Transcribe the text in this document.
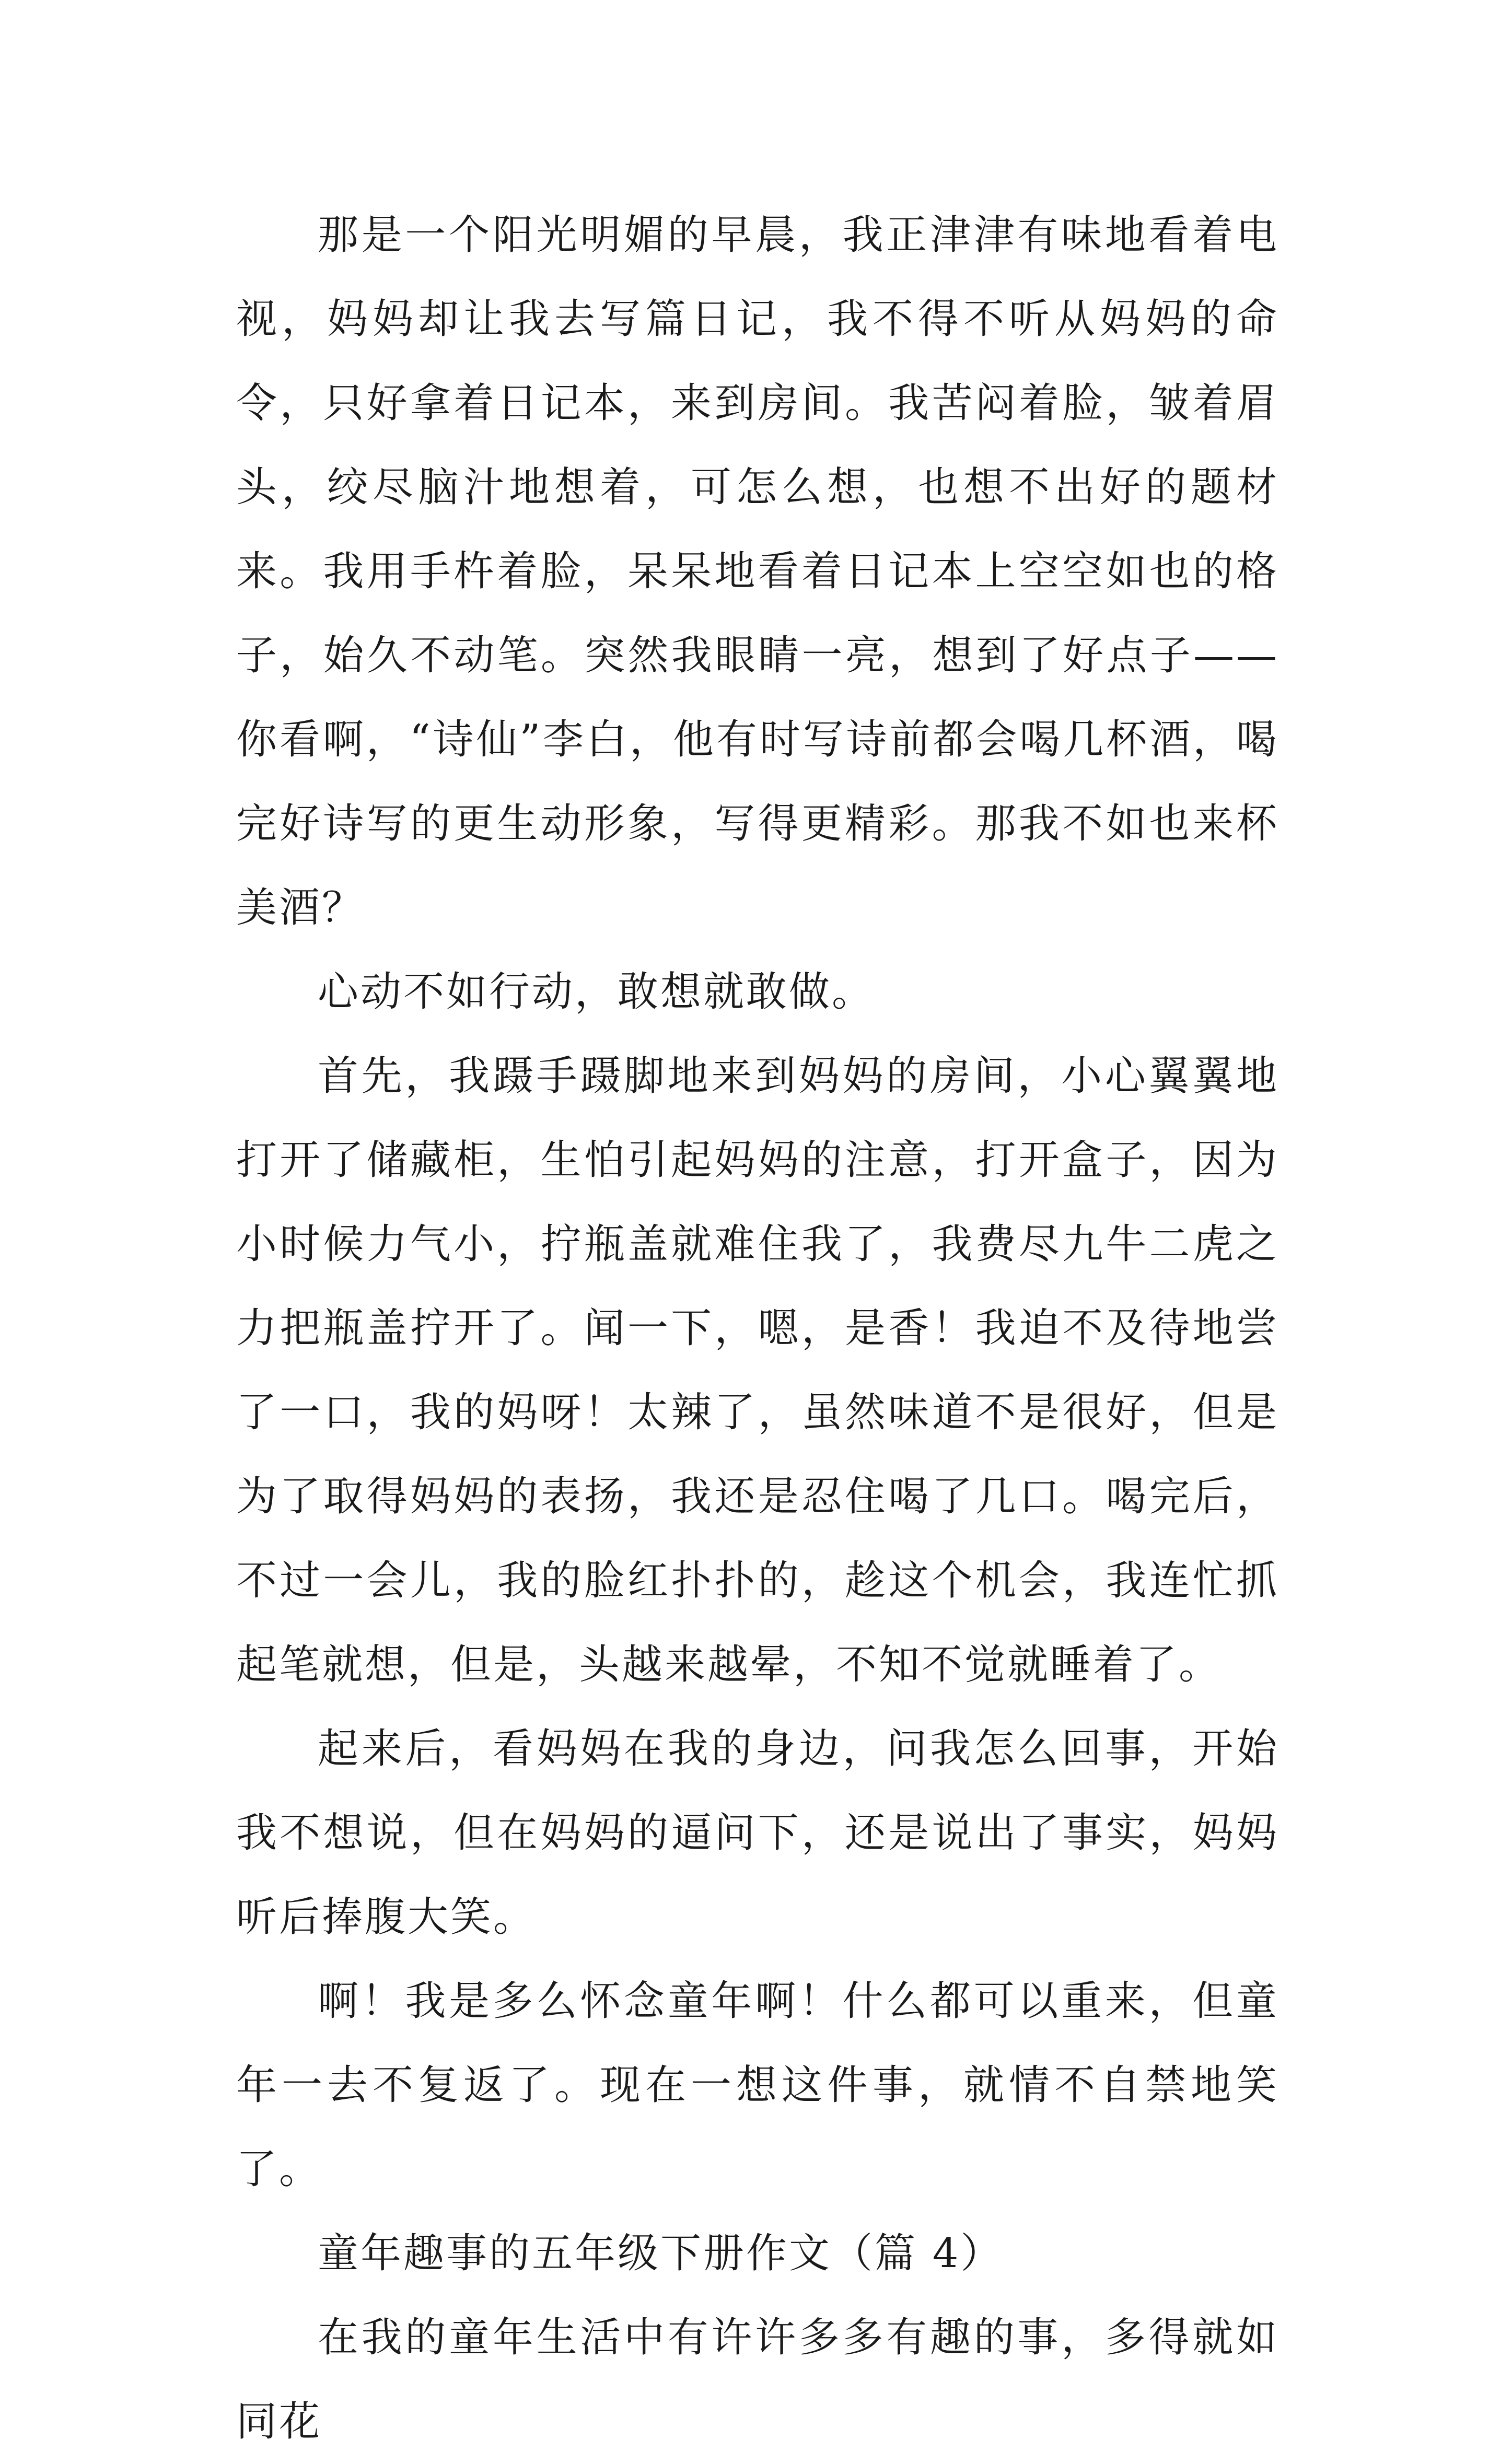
那是一个阳光明媚的早晨，我正津津有味地看着电视，妈妈却让我去写篇日记，我不得不听从妈妈的命令，只好拿着日记本，来到房间。我苦闷着脸，皱着眉头，绞尽脑汁地想着，可怎么想，也想不出好的题材来。我用手杵着脸，呆呆地看着日记本上空空如也的格子，始久不动笔。突然我眼睛一亮，想到了好点子——你看啊，“诗仙”李白，他有时写诗前都会喝几杯酒，喝完好诗写的更生动形象，写得更精彩。那我不如也来杯美酒？

心动不如行动，敢想就敢做。

首先，我蹑手蹑脚地来到妈妈的房间，小心翼翼地打开了储藏柜，生怕引起妈妈的注意，打开盒子，因为小时候力气小，拧瓶盖就难住我了，我费尽九牛二虎之力把瓶盖拧开了。闻一下，嗯，是香！我迫不及待地尝了一口，我的妈呀！太辣了，虽然味道不是很好，但是为了取得妈妈的表扬，我还是忍住喝了几口。喝完后，不过一会儿，我的脸红扑扑的，趁这个机会，我连忙抓起笔就想，但是，头越来越晕，不知不觉就睡着了。

起来后，看妈妈在我的身边，问我怎么回事，开始我不想说，但在妈妈的逼问下，还是说出了事实，妈妈听后捧腹大笑。

啊！我是多么怀念童年啊！什么都可以重来，但童年一去不复返了。现在一想这件事，就情不自禁地笑了。

童年趣事的五年级下册作文（篇 4）

在我的童年生活中有许许多多有趣的事，多得就如同花
